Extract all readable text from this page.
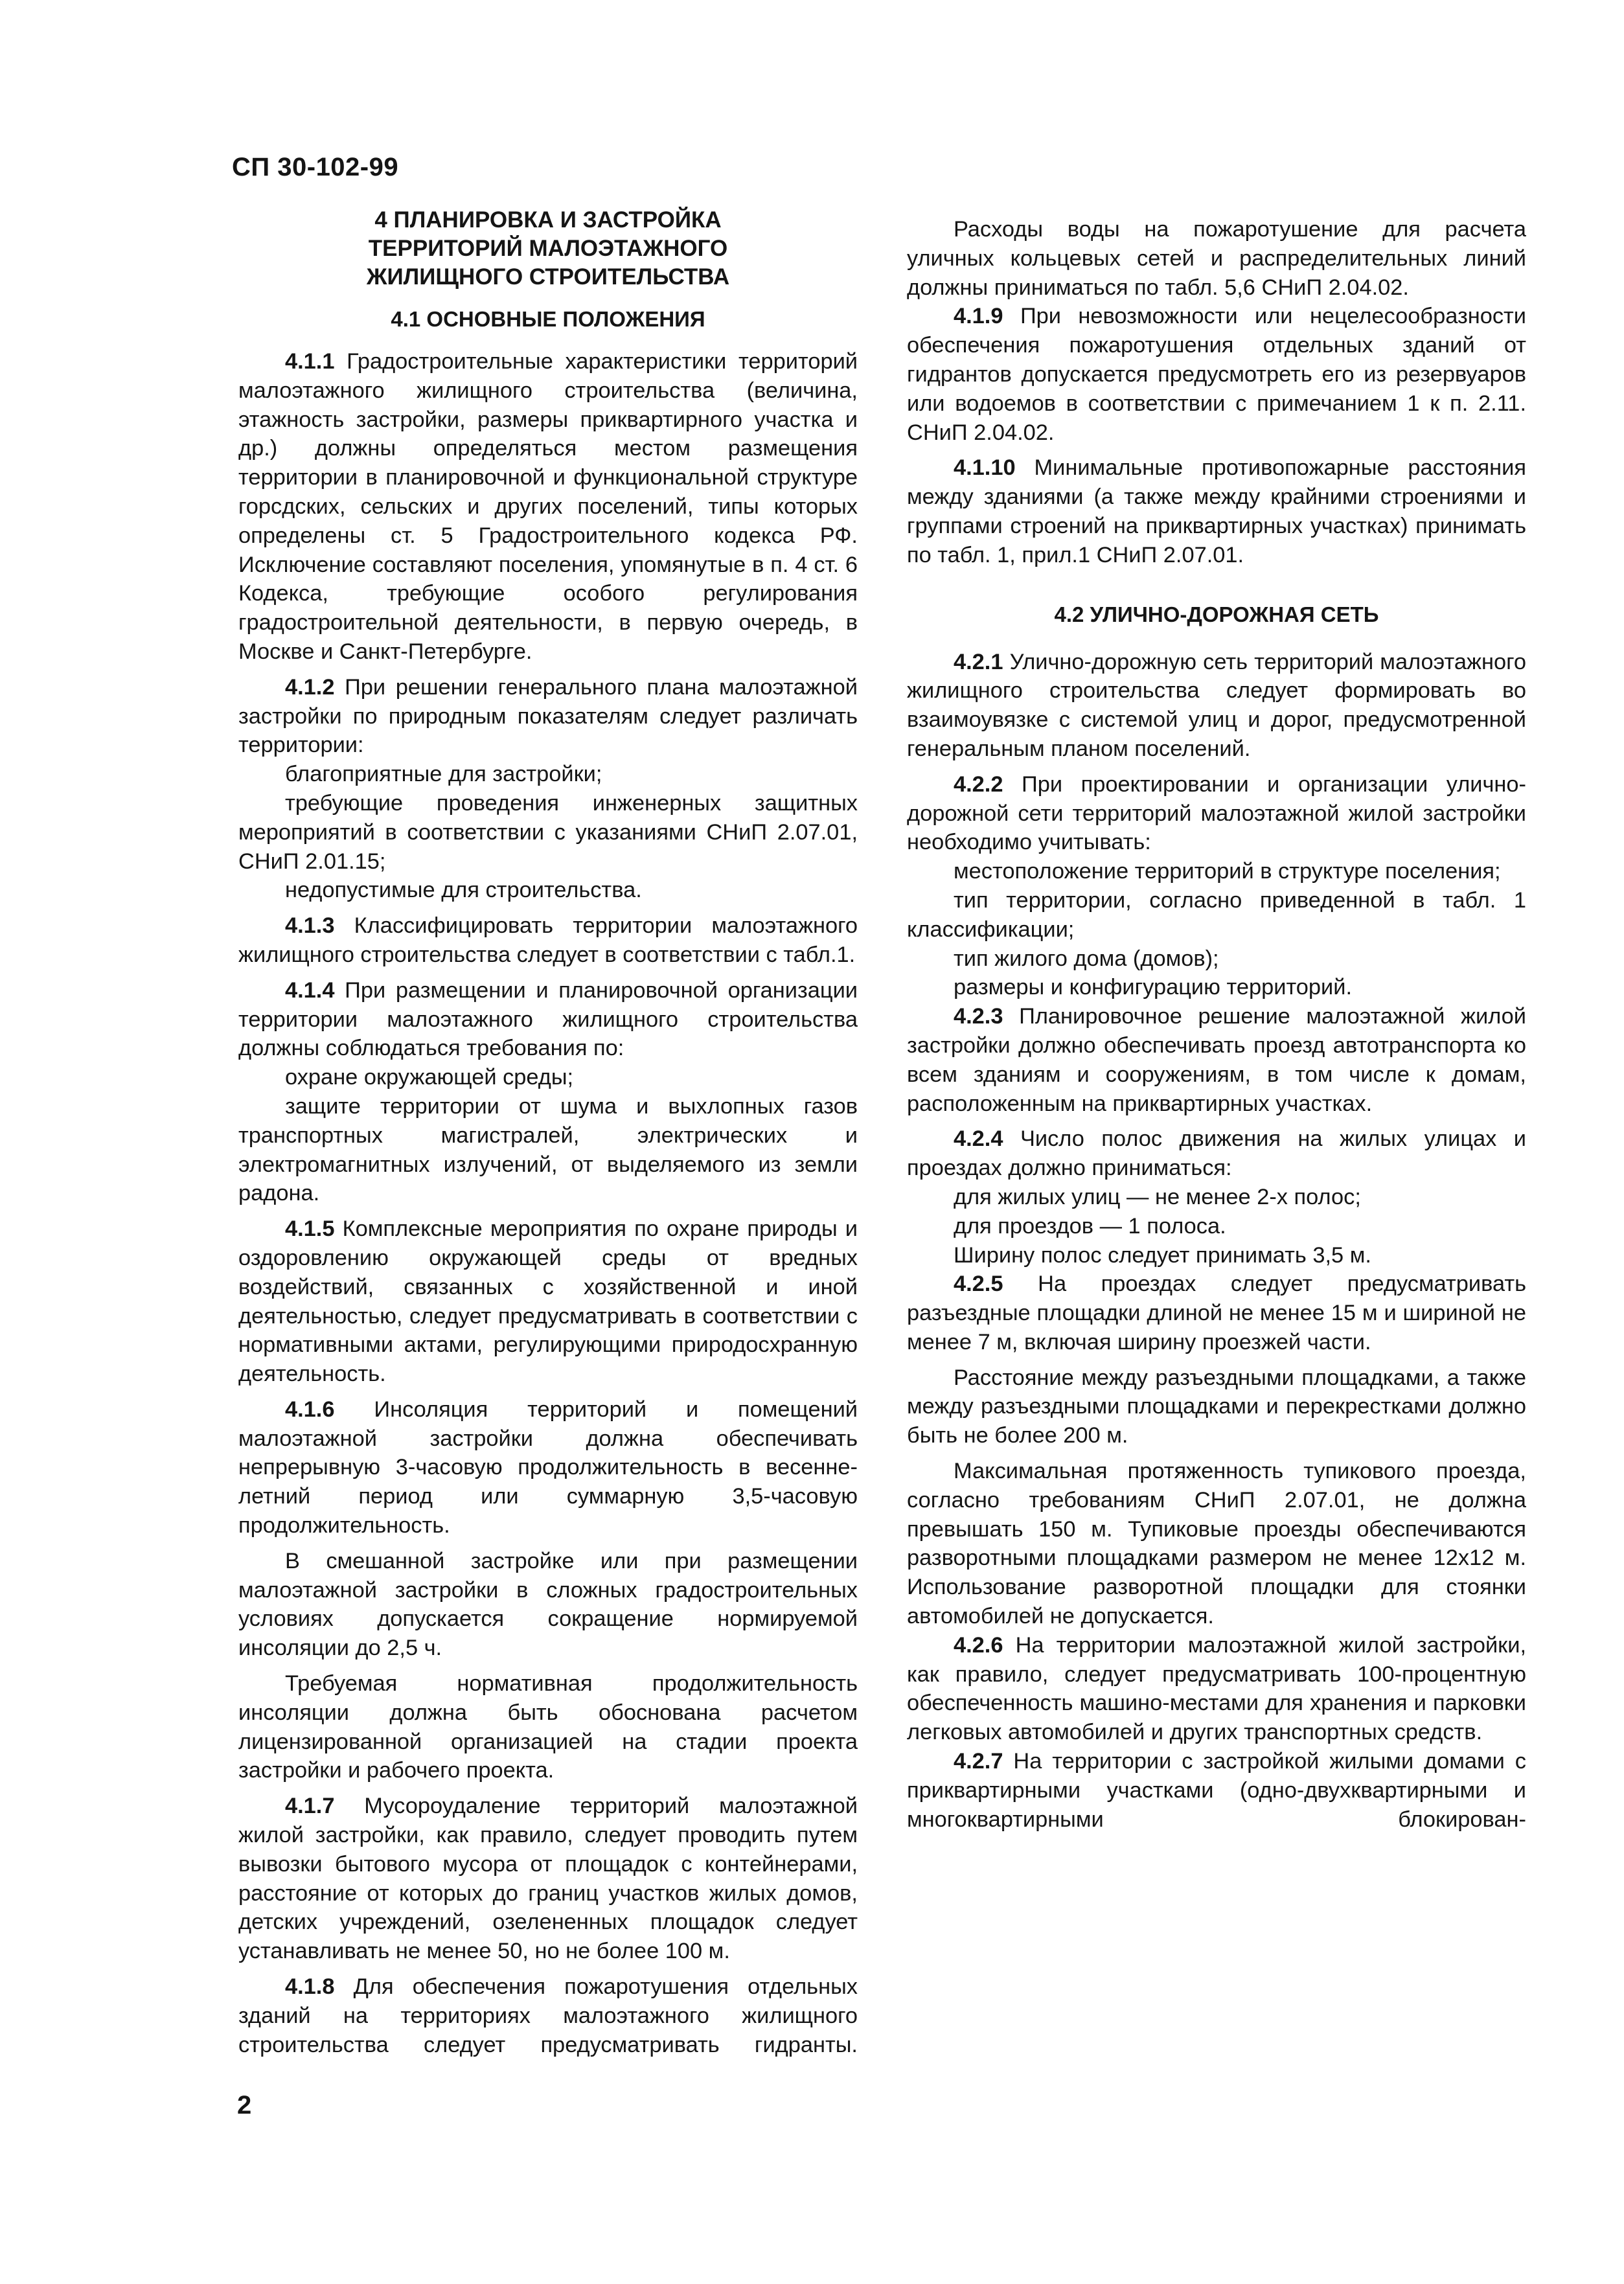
СП 30-102-99
4 ПЛАНИРОВКА И ЗАСТРОЙКА
ТЕРРИТОРИЙ МАЛОЭТАЖНОГО
ЖИЛИЩНОГО СТРОИТЕЛЬСТВА
4.1 ОСНОВНЫЕ ПОЛОЖЕНИЯ

4.1.1 Градостроительные характеристики территорий малоэтажного жилищного строительства (величина, этажность застройки, размеры приквартирного участка и др.) должны определяться местом размещения территории в планировочной и функциональной структуре горсдских, сельских и других поселений, типы которых определены ст. 5 Градостроительного кодекса РФ. Исключение составляют поселения, упомянутые в п. 4 ст. 6 Кодекса, требующие особого регулирования градостроительной деятельности, в первую очередь, в Москве и Санкт-Петербурге.

4.1.2 При решении генерального плана малоэтажной застройки по природным показателям следует различать территории:

благоприятные для застройки;

требующие проведения инженерных защитных мероприятий в соответствии с указаниями СНиП 2.07.01, СНиП 2.01.15;

недопустимые для строительства.

4.1.3 Классифицировать территории малоэтажного жилищного строительства следует в соответствии с табл.1.

4.1.4 При размещении и планировочной организации территории малоэтажного жилищного строительства должны соблюдаться требования по:

охране окружающей среды;

защите территории от шума и выхлопных газов транспортных магистралей, электрических и электромагнитных излучений, от выделяемого из земли радона.

4.1.5 Комплексные мероприятия по охране природы и оздоровлению окружающей среды от вредных воздействий, связанных с хозяйственной и иной деятельностью, следует предусматривать в соответствии с нормативными актами, регулирующими природосхранную деятельность.

4.1.6 Инсоляция территорий и помещений малоэтажной застройки должна обеспечивать непрерывную 3-часовую продолжительность в весенне-летний период или суммарную 3,5-часовую продолжительность.

В смешанной застройке или при размещении малоэтажной застройки в сложных градостроительных условиях допускается сокращение нормируемой инсоляции до 2,5 ч.

Требуемая нормативная продолжительность инсоляции должна быть обоснована расчетом лицензированной организацией на стадии проекта застройки и рабочего проекта.

4.1.7 Мусороудаление территорий малоэтажной жилой застройки, как правило, следует проводить путем вывозки бытового мусора от площадок с контейнерами, расстояние от которых до границ участков жилых домов, детских учреждений, озелененных площадок следует устанавливать не менее 50, но не более 100 м.

4.1.8 Для обеспечения пожаротушения отдельных зданий на территориях малоэтажного жилищного строительства следует предусматривать гидранты.

Расходы воды на пожаротушение для расчета уличных кольцевых сетей и распределительных линий должны приниматься по табл. 5,6 СНиП 2.04.02.

4.1.9 При невозможности или нецелесообразности обеспечения пожаротушения отдельных зданий от гидрантов допускается предусмотреть его из резервуаров или водоемов в соответствии с примечанием 1 к п. 2.11. СНиП 2.04.02.

4.1.10 Минимальные противопожарные расстояния между зданиями (а также между крайними строениями и группами строений на приквартирных участках) принимать по табл. 1, прил.1 СНиП 2.07.01.

4.2 УЛИЧНО-ДОРОЖНАЯ СЕТЬ

4.2.1 Улично-дорожную сеть территорий малоэтажного жилищного строительства следует формировать во взаимоувязке с системой улиц и дорог, предусмотренной генеральным планом поселений.

4.2.2 При проектировании и организации улично-дорожной сети территорий малоэтажной жилой застройки необходимо учитывать:

местоположение территорий в структуре поселения;

тип территории, согласно приведенной в табл. 1 классификации;

тип жилого дома (домов);

размеры и конфигурацию территорий.

4.2.3 Планировочное решение малоэтажной жилой застройки должно обеспечивать проезд автотранспорта ко всем зданиям и сооружениям, в том числе к домам, расположенным на приквартирных участках.

4.2.4 Число полос движения на жилых улицах и проездах должно приниматься:

для жилых улиц — не менее 2-х полос;

для проездов — 1 полоса.

Ширину полос следует принимать 3,5 м.

4.2.5 На проездах следует предусматривать разъездные площадки длиной не менее 15 м и шириной не менее 7 м, включая ширину проезжей части.

Расстояние между разъездными площадками, а также между разъездными площадками и перекрестками должно быть не более 200 м.

Максимальная протяженность тупикового проезда, согласно требованиям СНиП 2.07.01, не должна превышать 150 м. Тупиковые проезды обеспечиваются разворотными площадками размером не менее 12х12 м. Использование разворотной площадки для стоянки автомобилей не допускается.

4.2.6 На территории малоэтажной жилой застройки, как правило, следует предусматривать 100-процентную обеспеченность машино-местами для хранения и парковки легковых автомобилей и других транспортных средств.

4.2.7 На территории с застройкой жилыми домами с приквартирными участками (одно-двухквартирными и многоквартирными блокирован-

2
